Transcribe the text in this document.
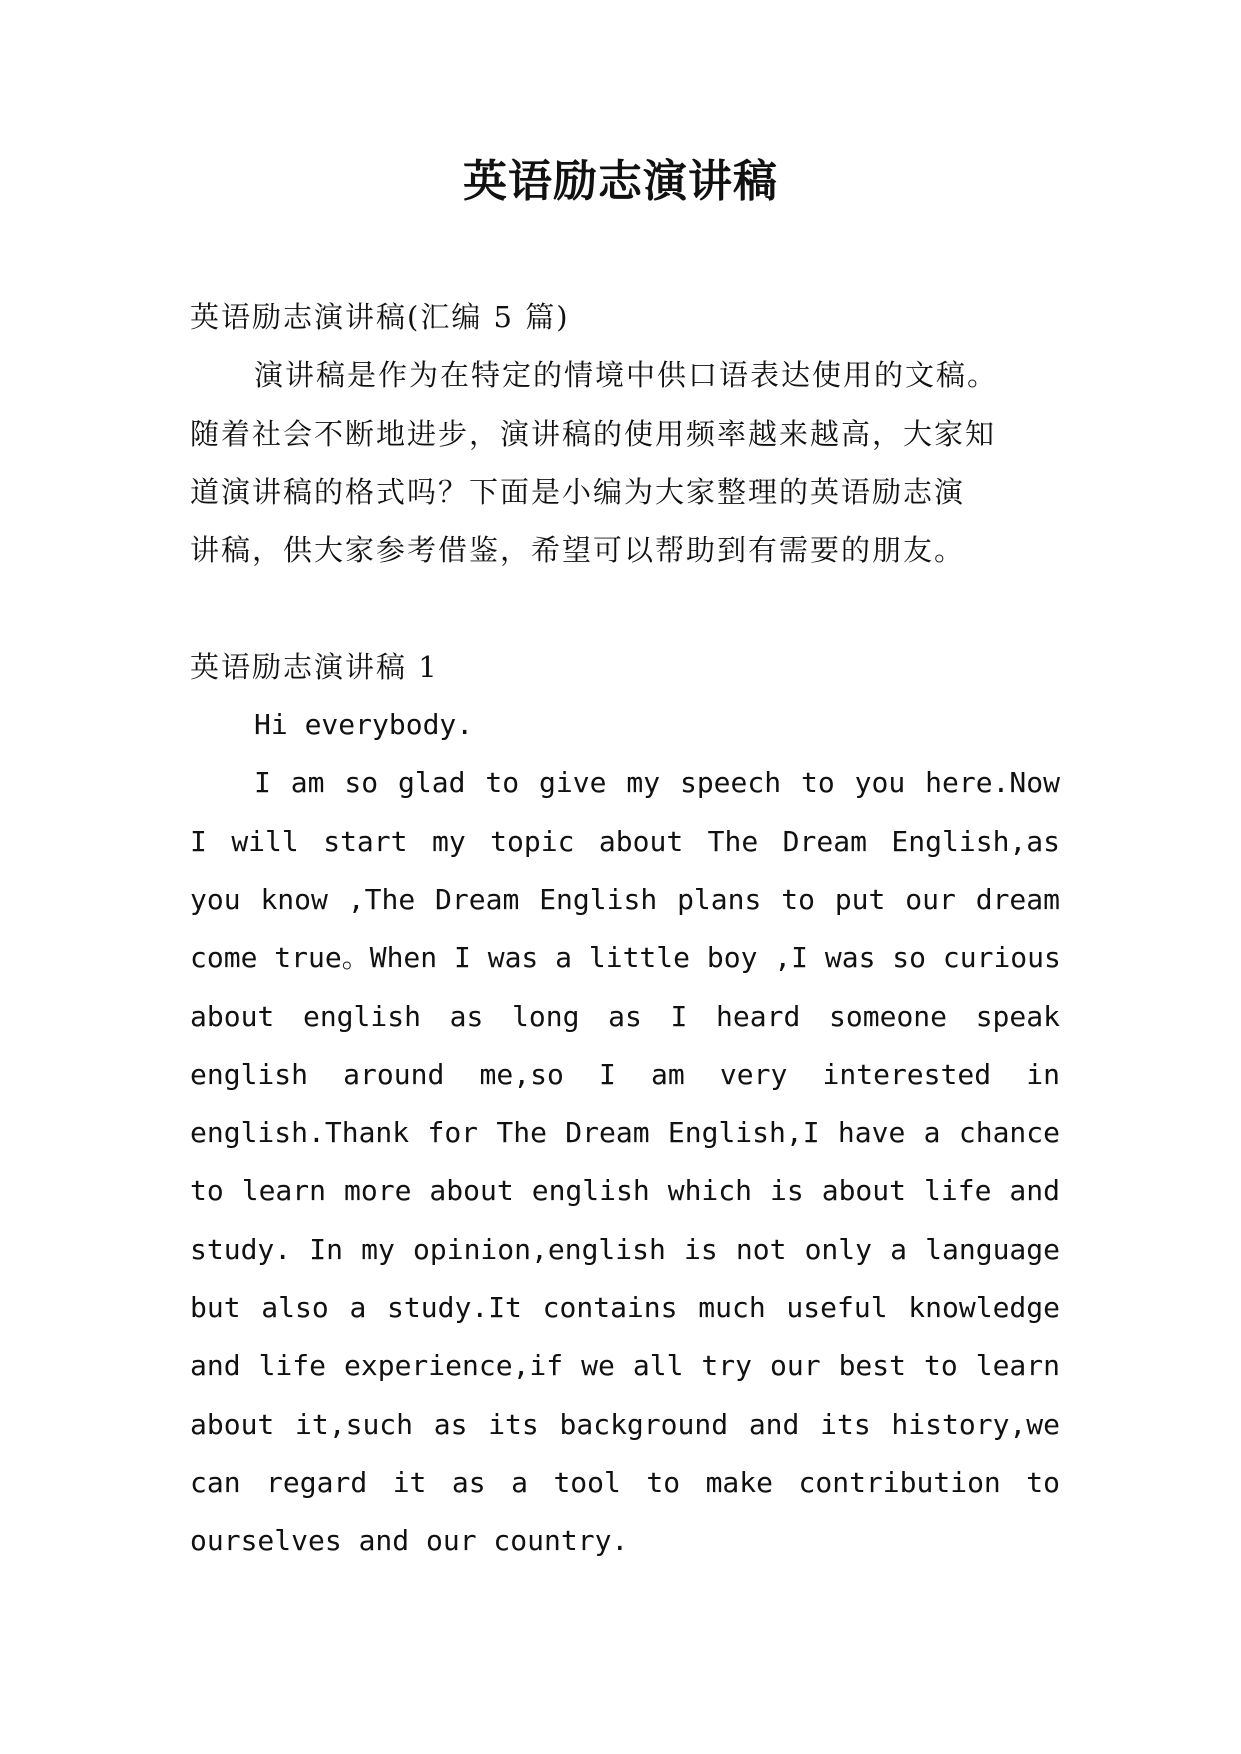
英语励志演讲稿
英语励志演讲稿(汇编 5 篇)
演讲稿是作为在特定的情境中供口语表达使用的文稿。
随着社会不断地进步，演讲稿的使用频率越来越高，大家知
道演讲稿的格式吗？下面是小编为大家整理的英语励志演
讲稿，供大家参考借鉴，希望可以帮助到有需要的朋友。
英语励志演讲稿 1
Hi everybody.
I am so glad to give my speech to you here.Now
I will start my topic about The Dream English,as
you know ,The Dream English plans to put our dream
come true。When I was a little boy ,I was so curious
about english as long as I heard someone speak
english around me,so I am very interested in
english.Thank for The Dream English,I have a chance
to learn more about english which is about life and
study. In my opinion,english is not only a language
but also a study.It contains much useful knowledge
and life experience,if we all try our best to learn
about it,such as its background and its history,we
can regard it as a tool to make contribution to
ourselves and our country.
